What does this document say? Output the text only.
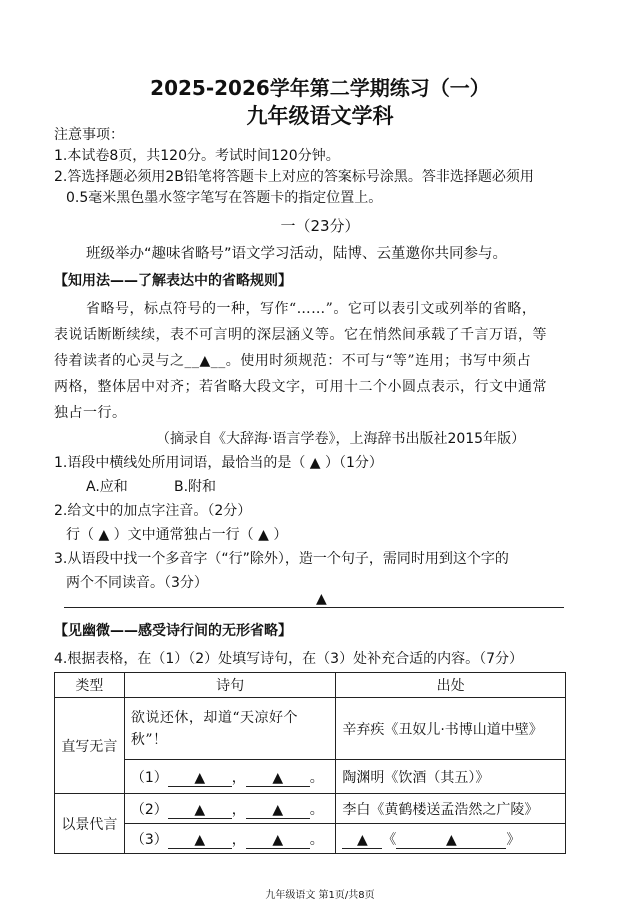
2025-2026学年第二学期练习（一）
九年级语文学科
注意事项：
1.本试卷8页，共120分。考试时间120分钟。
2.答选择题必须用2B铅笔将答题卡上对应的答案标号涂黑。答非选择题必须用
0.5毫米黑色墨水签字笔写在答题卡的指定位置上。
一（23分）
班级举办“趣味省略号”语文学习活动，陆博、云堇邀你共同参与。
【知用法——了解表达中的省略规则】
省略号，标点符号的一种，写作“……”。它可以表引文或列举的省略，
表说话断断续续，表不可言明的深层涵义等。它在悄然间承载了千言万语，等
待着读者的心灵与之__▲__。使用时须规范：不可与“等”连用；书写中须占
两格，整体居中对齐；若省略大段文字，可用十二个小圆点表示，行文中通常
独占一行。
（摘录自《大辞海·语言学卷》，上海辞书出版社2015年版）
1.语段中横线处所用词语，最恰当的是（ ▲ ）（1分）
A.应和	B.附和
2.给文中的加点字注音。（2分）
行（ ▲ ）文中通常独占一行（ ▲ ）
3.从语段中找一个多音字（“行”除外），造一个句子，需同时用到这个字的
两个不同读音。（3分）
▲
【见幽微——感受诗行间的无形省略】
4.根据表格，在（1）（2）处填写诗句，在（3）处补充合适的内容。（7分）
类型	诗句	出处
直写无言	欲说还休，却道“天凉好个秋”！	辛弃疾《丑奴儿·书博山道中壁》
	（1） ▲ ， ▲ 。	陶渊明《饮酒（其五）》
以景代言	（2） ▲ ， ▲ 。	李白《黄鹤楼送孟浩然之广陵》
	（3） ▲ ， ▲ 。	▲ 《 ▲ 》
九年级语文 第1页/共8页
